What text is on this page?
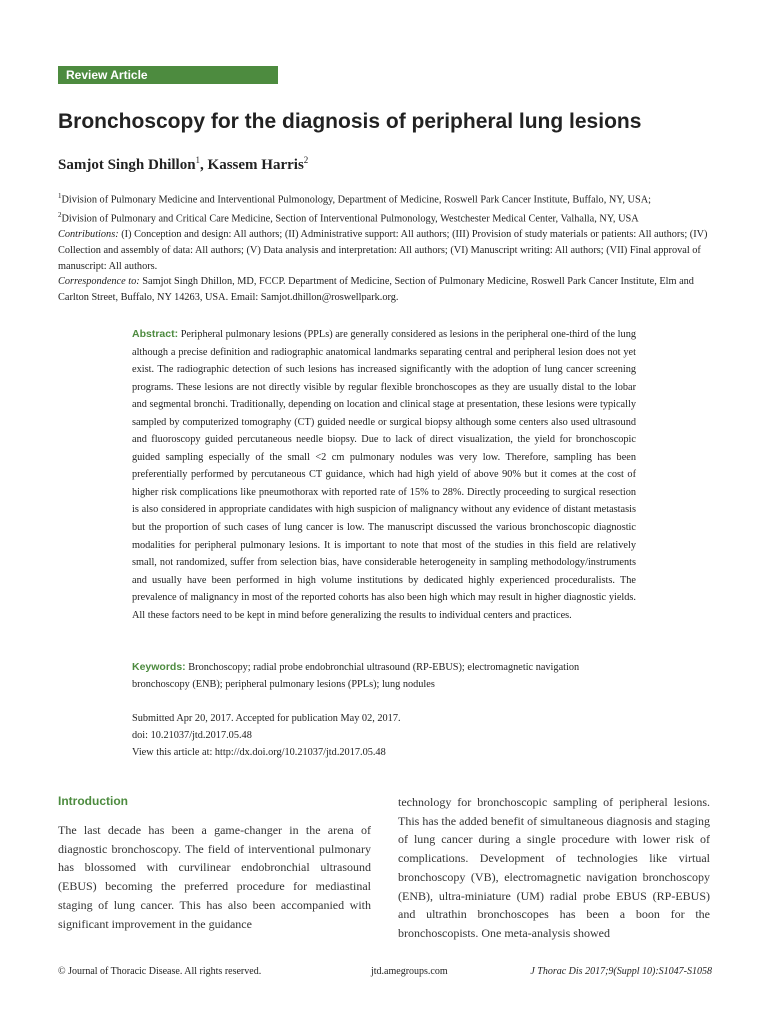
Review Article
Bronchoscopy for the diagnosis of peripheral lung lesions
Samjot Singh Dhillon$^1$, Kassem Harris$^2$

$^1$Division of Pulmonary Medicine and Interventional Pulmonology, Department of Medicine, Roswell Park Cancer Institute, Buffalo, NY, USA;

$^2$Division of Pulmonary and Critical Care Medicine, Section of Interventional Pulmonology, Westchester Medical Center, Valhalla, NY, USA

Contributions: (I) Conception and design: All authors; (II) Administrative support: All authors; (III) Provision of study materials or patients: All authors; (IV) Collection and assembly of data: All authors; (V) Data analysis and interpretation: All authors; (VI) Manuscript writing: All authors; (VII) Final approval of manuscript: All authors.

Correspondence to: Samjot Singh Dhillon, MD, FCCP. Department of Medicine, Section of Pulmonary Medicine, Roswell Park Cancer Institute, Elm and Carlton Street, Buffalo, NY 14263, USA. Email: Samjot.dhillon@roswellpark.org.

Abstract: Peripheral pulmonary lesions (PPLs) are generally considered as lesions in the peripheral one-third of the lung although a precise definition and radiographic anatomical landmarks separating central and peripheral lesion does not yet exist. The radiographic detection of such lesions has increased significantly with the adoption of lung cancer screening programs. These lesions are not directly visible by regular flexible bronchoscopes as they are usually distal to the lobar and segmental bronchi. Traditionally, depending on location and clinical stage at presentation, these lesions were typically sampled by computerized tomography (CT) guided needle or surgical biopsy although some centers also used ultrasound and fluoroscopy guided percutaneous needle biopsy. Due to lack of direct visualization, the yield for bronchoscopic guided sampling especially of the small <2 cm pulmonary nodules was very low. Therefore, sampling has been preferentially performed by percutaneous CT guidance, which had high yield of above 90% but it comes at the cost of higher risk complications like pneumothorax with reported rate of 15% to 28%. Directly proceeding to surgical resection is also considered in appropriate candidates with high suspicion of malignancy without any evidence of distant metastasis but the proportion of such cases of lung cancer is low. The manuscript discussed the various bronchoscopic diagnostic modalities for peripheral pulmonary lesions. It is important to note that most of the studies in this field are relatively small, not randomized, suffer from selection bias, have considerable heterogeneity in sampling methodology/instruments and usually have been performed in high volume institutions by dedicated highly experienced proceduralists. The prevalence of malignancy in most of the reported cohorts has also been high which may result in higher diagnostic yields. All these factors need to be kept in mind before generalizing the results to individual centers and practices.
Keywords: Bronchoscopy; radial probe endobronchial ultrasound (RP-EBUS); electromagnetic navigation bronchoscopy (ENB); peripheral pulmonary lesions (PPLs); lung nodules

Submitted Apr 20, 2017. Accepted for publication May 02, 2017.

doi: 10.21037/jtd.2017.05.48

View this article at: http://dx.doi.org/10.21037/jtd.2017.05.48

Introduction
The last decade has been a game-changer in the arena of diagnostic bronchoscopy. The field of interventional pulmonary has blossomed with curvilinear endobronchial ultrasound (EBUS) becoming the preferred procedure for mediastinal staging of lung cancer. This has also been accompanied with significant improvement in the guidance
technology for bronchoscopic sampling of peripheral lesions. This has the added benefit of simultaneous diagnosis and staging of lung cancer during a single procedure with lower risk of complications. Development of technologies like virtual bronchoscopy (VB), electromagnetic navigation bronchoscopy (ENB), ultra-miniature (UM) radial probe EBUS (RP-EBUS) and ultrathin bronchoscopes has been a boon for the bronchoscopists. One meta-analysis showed
© Journal of Thoracic Disease. All rights reserved.	jtd.amegroups.com	J Thorac Dis 2017;9(Suppl 10):S1047-S1058
